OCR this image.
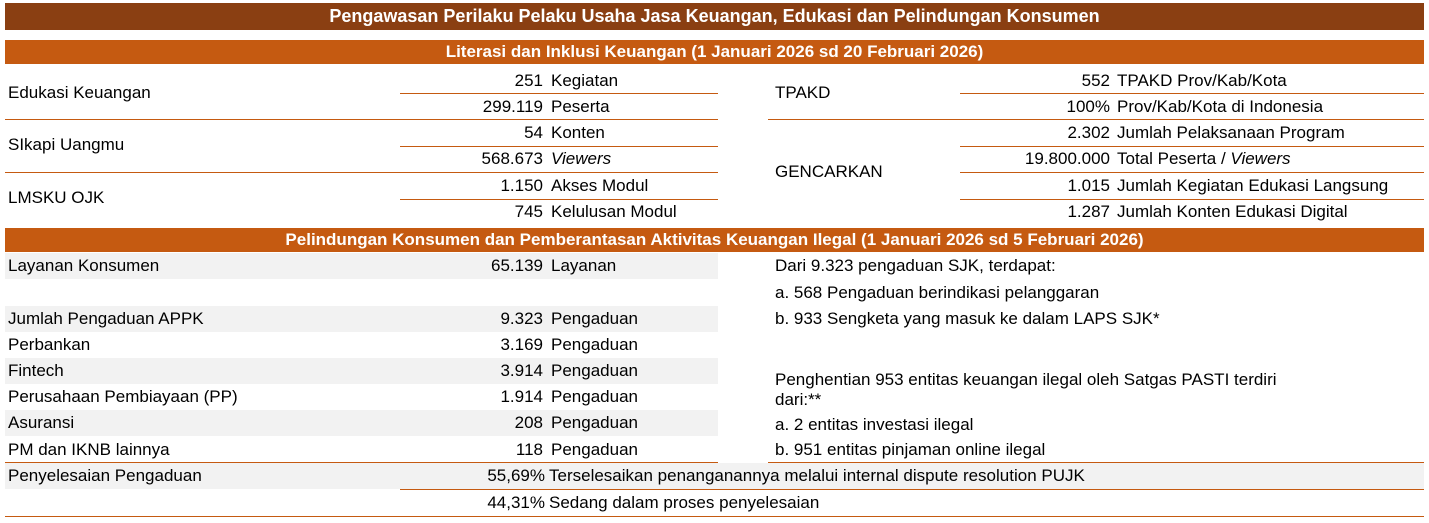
Pengawasan Perilaku Pelaku Usaha Jasa Keuangan, Edukasi dan Pelindungan Konsumen
Literasi dan Inklusi Keuangan (1 Januari 2026 sd 20 Februari 2026)
Edukasi Keuangan
251 Kegiatan
299.119 Peserta
SIkapi Uangmu
54 Konten
568.673 Viewers
LMSKU OJK
1.150 Akses Modul
745 Kelulusan Modul
TPAKD
552 TPAKD Prov/Kab/Kota
100% Prov/Kab/Kota di Indonesia
GENCARKAN
2.302 Jumlah Pelaksanaan Program
19.800.000 Total Peserta / Viewers
1.015 Jumlah Kegiatan Edukasi Langsung
1.287 Jumlah Konten Edukasi Digital
Pelindungan Konsumen dan Pemberantasan Aktivitas Keuangan Ilegal (1 Januari 2026 sd 5 Februari 2026)
Layanan Konsumen	65.139 Layanan
Jumlah Pengaduan APPK	9.323 Pengaduan
Perbankan	3.169 Pengaduan
Fintech	3.914 Pengaduan
Perusahaan Pembiayaan (PP)	1.914 Pengaduan
Asuransi	208 Pengaduan
PM dan IKNB lainnya	118 Pengaduan
Penyelesaian Pengaduan	55,69% Terselesaikan penanganannya melalui internal dispute resolution PUJK
44,31% Sedang dalam proses penyelesaian
Dari 9.323 pengaduan SJK, terdapat:
a. 568 Pengaduan berindikasi pelanggaran
b. 933 Sengketa yang masuk ke dalam LAPS SJK*
Penghentian 953 entitas keuangan ilegal oleh Satgas PASTI terdiri
dari:**
a. 2 entitas investasi ilegal
b. 951 entitas pinjaman online ilegal
